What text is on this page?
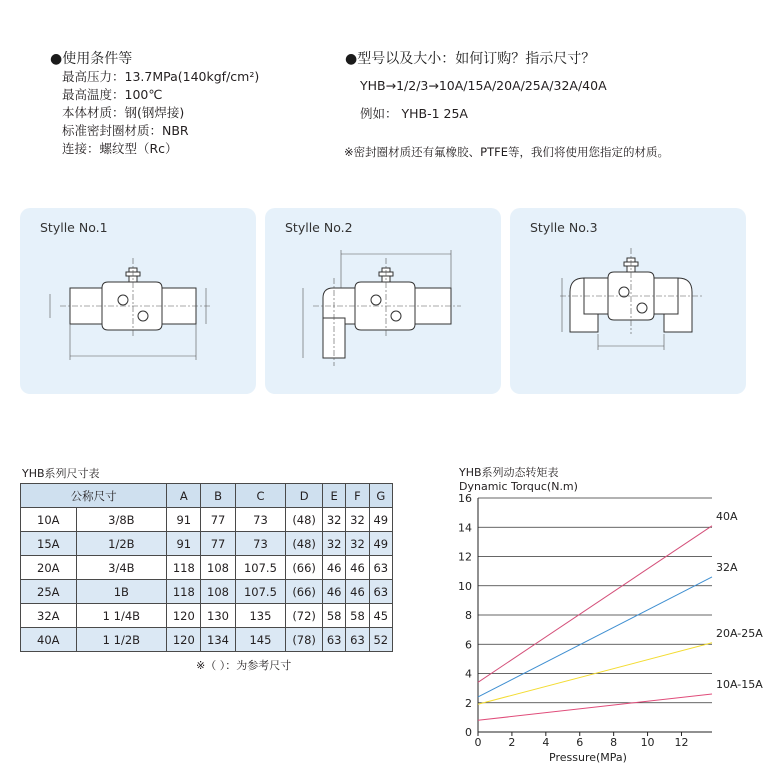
●使用条件等
最高压力：13.7MPa(140kgf/cm²)
最高温度：100℃
本体材质：钢(钢焊接)
标准密封圈材质：NBR
连接：螺纹型（Rc）
●型号以及大小：如何订购？指示尺寸？
YHB→1/2/3→10A/15A/20A/25A/32A/40A
例如： YHB-1 25A
※密封圈材质还有氟橡胶、PTFE等，我们将使用您指定的材质。
Stylle No.1	Stylle No.2	Stylle No.3
YHB系列尺寸表
公称尺寸		A	B	C	D	E	F	G
10A	3/8B	91	77	73	(48)	32	32	49
15A	1/2B	91	77	73	(48)	32	32	49
20A	3/4B	118	108	107.5	(66)	46	46	63
25A	1B	118	108	107.5	(66)	46	46	63
32A	1 1/4B	120	130	135	(72)	58	58	45
40A	1 1/2B	120	134	145	(78)	63	63	52
※（ ）：为参考尺寸
YHB系列动态转矩表
Dynamic Torquc(N.m)
0
2
4
6
8
10
12
14
16
0 2 4 6 8 10 12
Pressure(MPa)
40A
32A
20A-25A
10A-15A
